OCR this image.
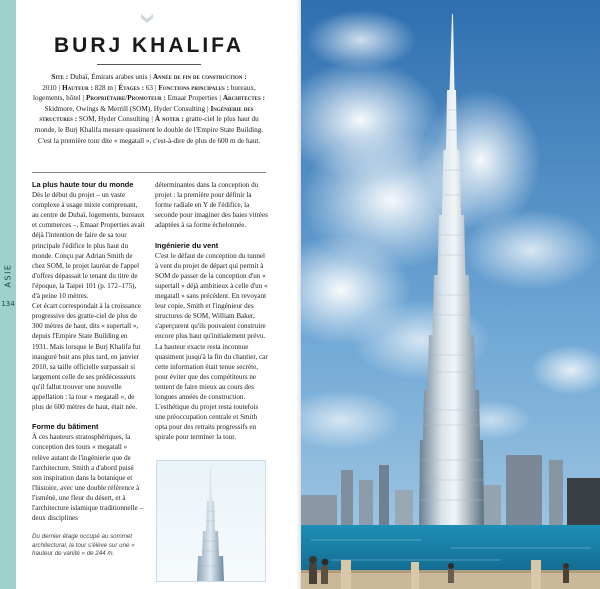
ASIE
134
BURJ KHALIFA
Site : Dubaï, Émirats arabes unis | Année de fin de construction : 2010 | Hauteur : 828 m | Étages : 63 | Fonctions principales : bureaux, logements, hôtel | Propriétaire/Promoteur : Emaar Properties | Architectes : Skidmore, Owings & Merrill (SOM), Hyder Consulting | Ingénierie des structures : SOM, Hyder Consulting | À noter : gratte-ciel le plus haut du monde, le Burj Khalifa mesure quasiment le double de l'Empire State Building. C'est la première tour dite « megatall », c'est-à-dire de plus de 600 m de haut.
La plus haute tour du monde

Dès le début du projet – un vaste complexe à usage mixte comprenant, au centre de Dubaï, logements, bureaux et commerces –, Emaar Properties avait déjà l'intention de faire de sa tour principale l'édifice le plus haut du monde. Conçu par Adrian Smith de chez SOM, le projet lauréat de l'appel d'offres dépassait le tenant du titre de l'époque, la Taipei 101 (p. 172–175), d'à peine 10 mètres.

Cet écart correspondait à la croissance progressive des gratte-ciel de plus de 300 mètres de haut, dits « supertall », depuis l'Empire State Building en 1931. Mais lorsque le Burj Khalifa fut inauguré huit ans plus tard, en janvier 2010, sa taille officielle surpassait si largement celle de ses prédécesseurs qu'il fallut trouver une nouvelle appellation : la tour « megatall », de plus de 600 mètres de haut, était née.

Forme du bâtiment

À ces hauteurs stratosphériques, la conception des tours « megatall » relève autant de l'ingénierie que de l'architecture. Smith a d'abord puisé son inspiration dans la botanique et l'histoire, avec une double référence à l'isménè, une fleur du désert, et à l'architecture islamique traditionnelle – deux disciplines

déterminantes dans la conception du projet : la première pour définir la forme radiale en Y de l'édifice, la seconde pour imaginer des baies vitrées adaptées à sa forme échelonnée.

Ingénierie du vent

C'est le défaut de conception du tunnel à vent du projet de départ qui permit à SOM de passer de la conception d'un « supertall » déjà ambitieux à celle d'un « megatall » sans précédent. En revoyant leur copie, Smith et l'ingénieur des structures de SOM, William Baker, s'aperçurent qu'ils pouvaient construire encore plus haut qu'initialement prévu. La hauteur exacte resta inconnue quasiment jusqu'à la fin du chantier, car cette information était tenue secrète, pour éviter que des compétiteurs ne tentent de faire mieux au cours des longues années de construction. L'esthétique du projet resta toutefois une préoccupation centrale et Smith opta pour des retraits progressifs en spirale pour terminer la tour.

Du dernier étage occupé au sommet architectural, la tour s'élève sur une « hauteur de vanité » de 244 m.
